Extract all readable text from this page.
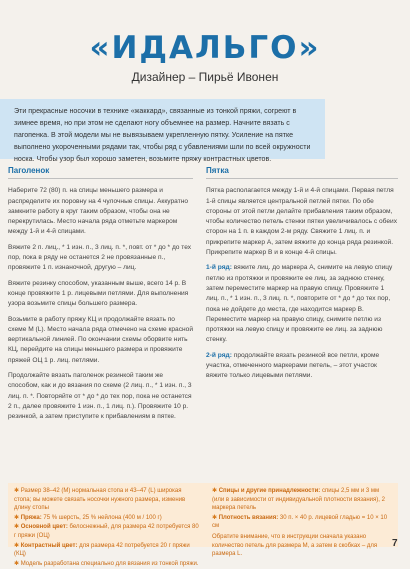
«ИДАЛЬГО»
Дизайнер – Пирьё Ивонен

Эти прекрасные носочки в технике «жаккард», связанные из тонкой пряжи, согреют в зимнее время, но при этом не сделают ногу объемнее на размер. Начните вязать с пагопенка. В этой модели мы не вывязываем укрепленную пятку. Усиление на пятке выполнено укороченными рядами так, чтобы ряд с убавлениями шли по всей окружности носка. Чтобы узор был хорошо заметен, возьмите пряжу контрастных цветов.

Паголенок

Наберите 72 (80) п. на спицы меньшего размера и распределите их поровну на 4 чулочные спицы. Аккуратно замкните работу в круг таким образом, чтобы она не перекрутилась. Место начала ряда отметьте маркером между 1-й и 4-й спицами.

Вяжите 2 п. лиц., * 1 изн. п., 3 лиц. п. *, повт. от * до * до тех пор, пока в ряду не останется 2 не провязанные п., провяжите 1 п. изнаночной, другую – лиц.

Вяжите резинку способом, указанным выше, всего 14 р. В конце провяжите 1 р. лицевыми петлями. Для выполнения узора возьмите спицы большего размера.

Возьмите в работу пряжу КЦ и продолжайте вязать по схеме М (L). Место начала ряда отмечено на схеме красной вертикальной линией. По окончании схемы оборвите нить КЦ, перейдите на спицы меньшего размера и провяжите пряжей ОЦ 1 р. лиц. петлями.

Продолжайте вязать паголенок резинкой таким же способом, как и до вязания по схеме (2 лиц. п., * 1 изн. п., 3 лиц. п. *. Повторяйте от * до * до тех пор, пока не останется 2 п., далее провяжите 1 изн. п., 1 лиц. п.). Провяжите 10 р. резинкой, а затем приступите к прибавлениям в пятке.

Пятка

Пятка располагается между 1-й и 4-й спицами. Первая петля 1-й спицы является центральной петлей пятки. По обе стороны от этой петли делайте прибавления таким образом, чтобы количество петель стенки пятки увеличивалось с обеих сторон на 1 п. в каждом 2-м ряду. Свяжите 1 лиц. п. и прикрепите маркер А, затем вяжите до конца ряда резинкой. Прикрепите маркер В и в конце 4-й спицы.

1-й ряд: вяжите лиц. до маркера А, снимите на левую спицу петлю из протяжки и провяжите ее лиц. за заднюю стенку, затем переместите маркер на правую спицу. Провяжите 1 лиц. п., * 1 изн. п., 3 лиц. п. *, повторите от * до * до тех пор, пока не дойдете до места, где находится маркер В. Переместите маркер на правую спицу, снимите петлю из протяжки на левую спицу и провяжите ее лиц. за заднюю стенку.

2-й ряд: продолжайте вязать резинкой все петли, кроме участка, отмеченного маркерами петель, – этот участок вяжите только лицевыми петлями.

✱ Размер 38–42 (М) нормальная стопа и 43–47 (L) широкая стопа; вы можете связать носочки нужного размера, изменив длину стопы
✱ Пряжа: 75 % шерсть, 25 % нейлона (400 м / 100 г)
✱ Основной цвет: белоснежный, для размера 42 потребуется 80 г пряжи (ОЦ)
✱ Контрастный цвет: для размера 42 потребуется 20 г пряжи (КЦ)
✱ Модель разработана специально для вязания из тонкой пряжи.
✱ Спицы и другие принадлежности: спицы 2,5 мм и 3 мм (или в зависимости от индивидуальной плотности вязания), 2 маркера петель
✱ Плотность вязания: 30 п. × 40 р. лицевой гладью = 10 × 10 см
Обратите внимание, что в инструкции сначала указано количество петель для размера М, а затем в скобках – для размера L.
7
